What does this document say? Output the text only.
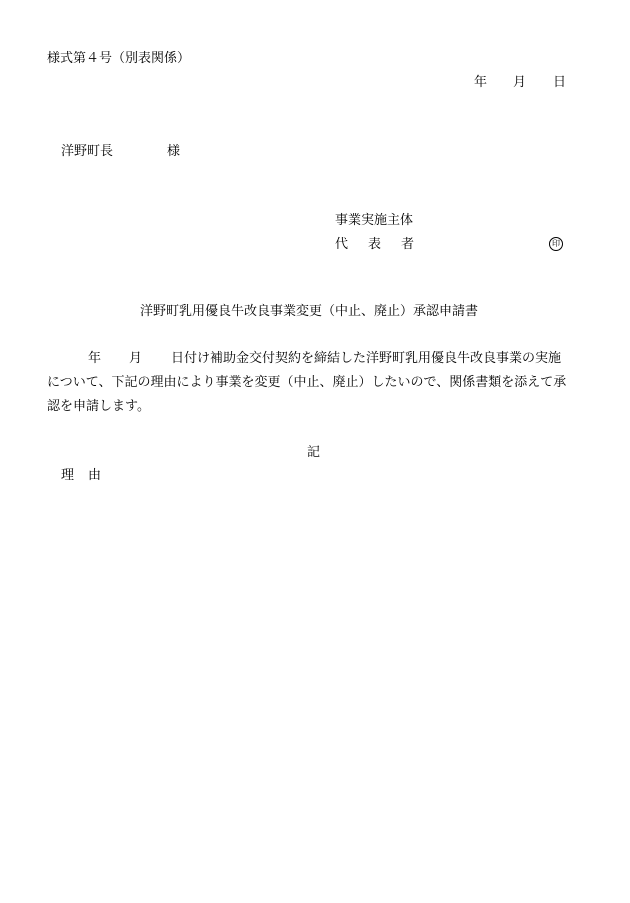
様式第４号（別表関係）
年 月 日
洋野町長	様
事業実施主体
代 表 者	印
洋野町乳用優良牛改良事業変更（中止、廃止）承認申請書
年 月 日付け補助金交付契約を締結した洋野町乳用優良牛改良事業の実施
について、下記の理由により事業を変更（中止、廃止）したいので、関係書類を添えて承
認を申請します。
記
理 由
